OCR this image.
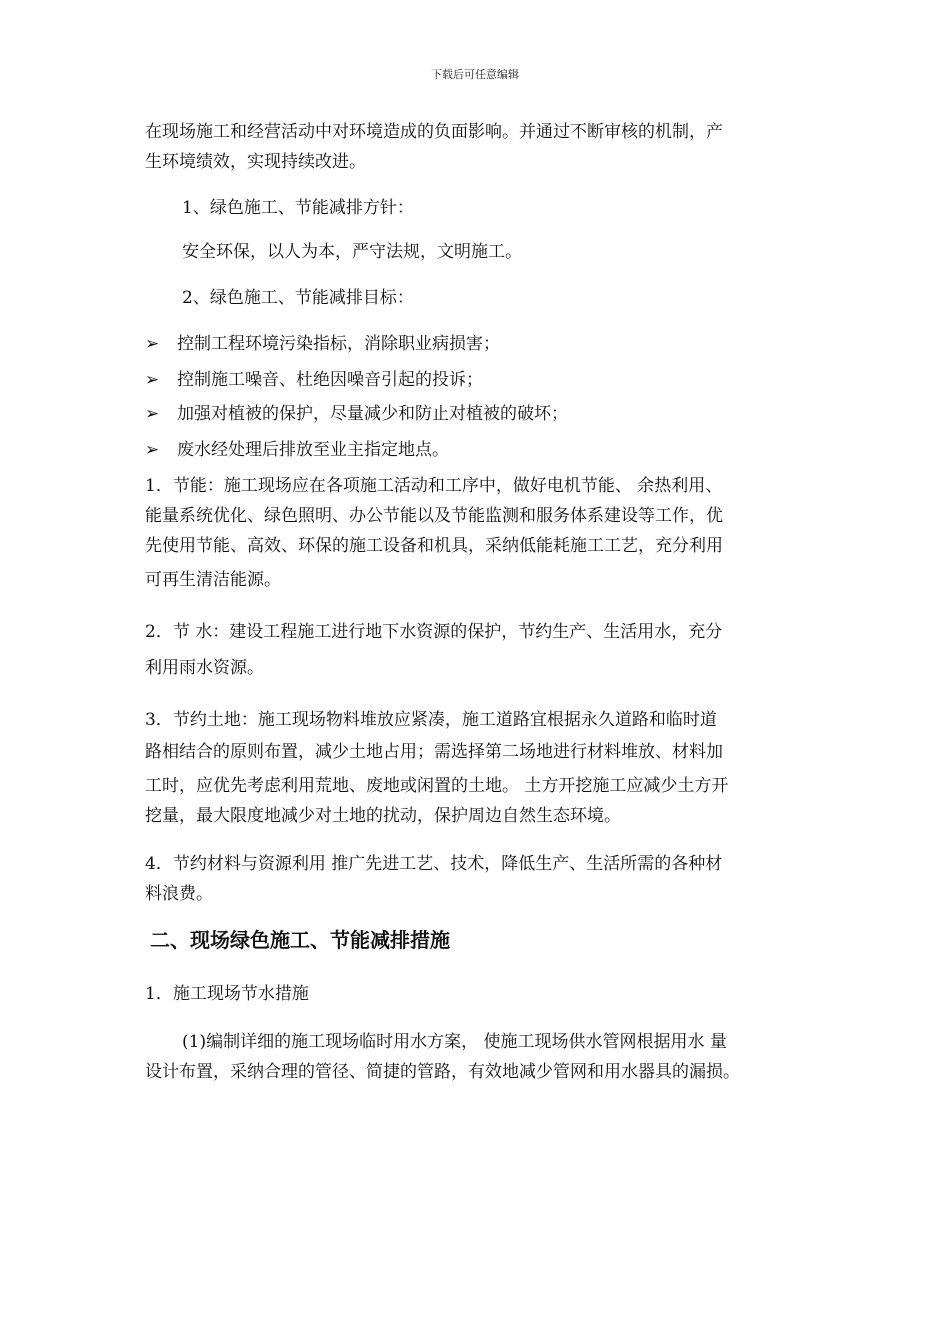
下载后可任意编辑

在现场施工和经营活动中对环境造成的负面影响。并通过不断审核的机制，产

生环境绩效，实现持续改进。

1、绿色施工、节能减排方针：

安全环保，以人为本，严守法规，文明施工。

2、绿色施工、节能减排目标：

➢ 控制工程环境污染指标，消除职业病损害；
➢ 控制施工噪音、杜绝因噪音引起的投诉；
➢ 加强对植被的保护，尽量减少和防止对植被的破坏；
➢ 废水经处理后排放至业主指定地点。

1．节能：施工现场应在各项施工活动和工序中，做好电机节能、 余热利用、

能量系统优化、绿色照明、办公节能以及节能监测和服务体系建设等工作，优

先使用节能、高效、环保的施工设备和机具，采纳低能耗施工工艺，充分利用

可再生清洁能源。

2．节 水：建设工程施工进行地下水资源的保护，节约生产、生活用水，充分

利用雨水资源。

3．节约土地：施工现场物料堆放应紧凑，施工道路宜根据永久道路和临时道

路相结合的原则布置，减少土地占用；需选择第二场地进行材料堆放、材料加

工时，应优先考虑利用荒地、废地或闲置的土地。 土方开挖施工应减少土方开

挖量，最大限度地减少对土地的扰动，保护周边自然生态环境。

4．节约材料与资源利用 推广先进工艺、技术，降低生产、生活所需的各种材

料浪费。

二、现场绿色施工、节能减排措施

1．施工现场节水措施

(1)编制详细的施工现场临时用水方案， 使施工现场供水管网根据用水 量

设计布置，采纳合理的管径、简捷的管路，有效地减少管网和用水器具的漏损。
